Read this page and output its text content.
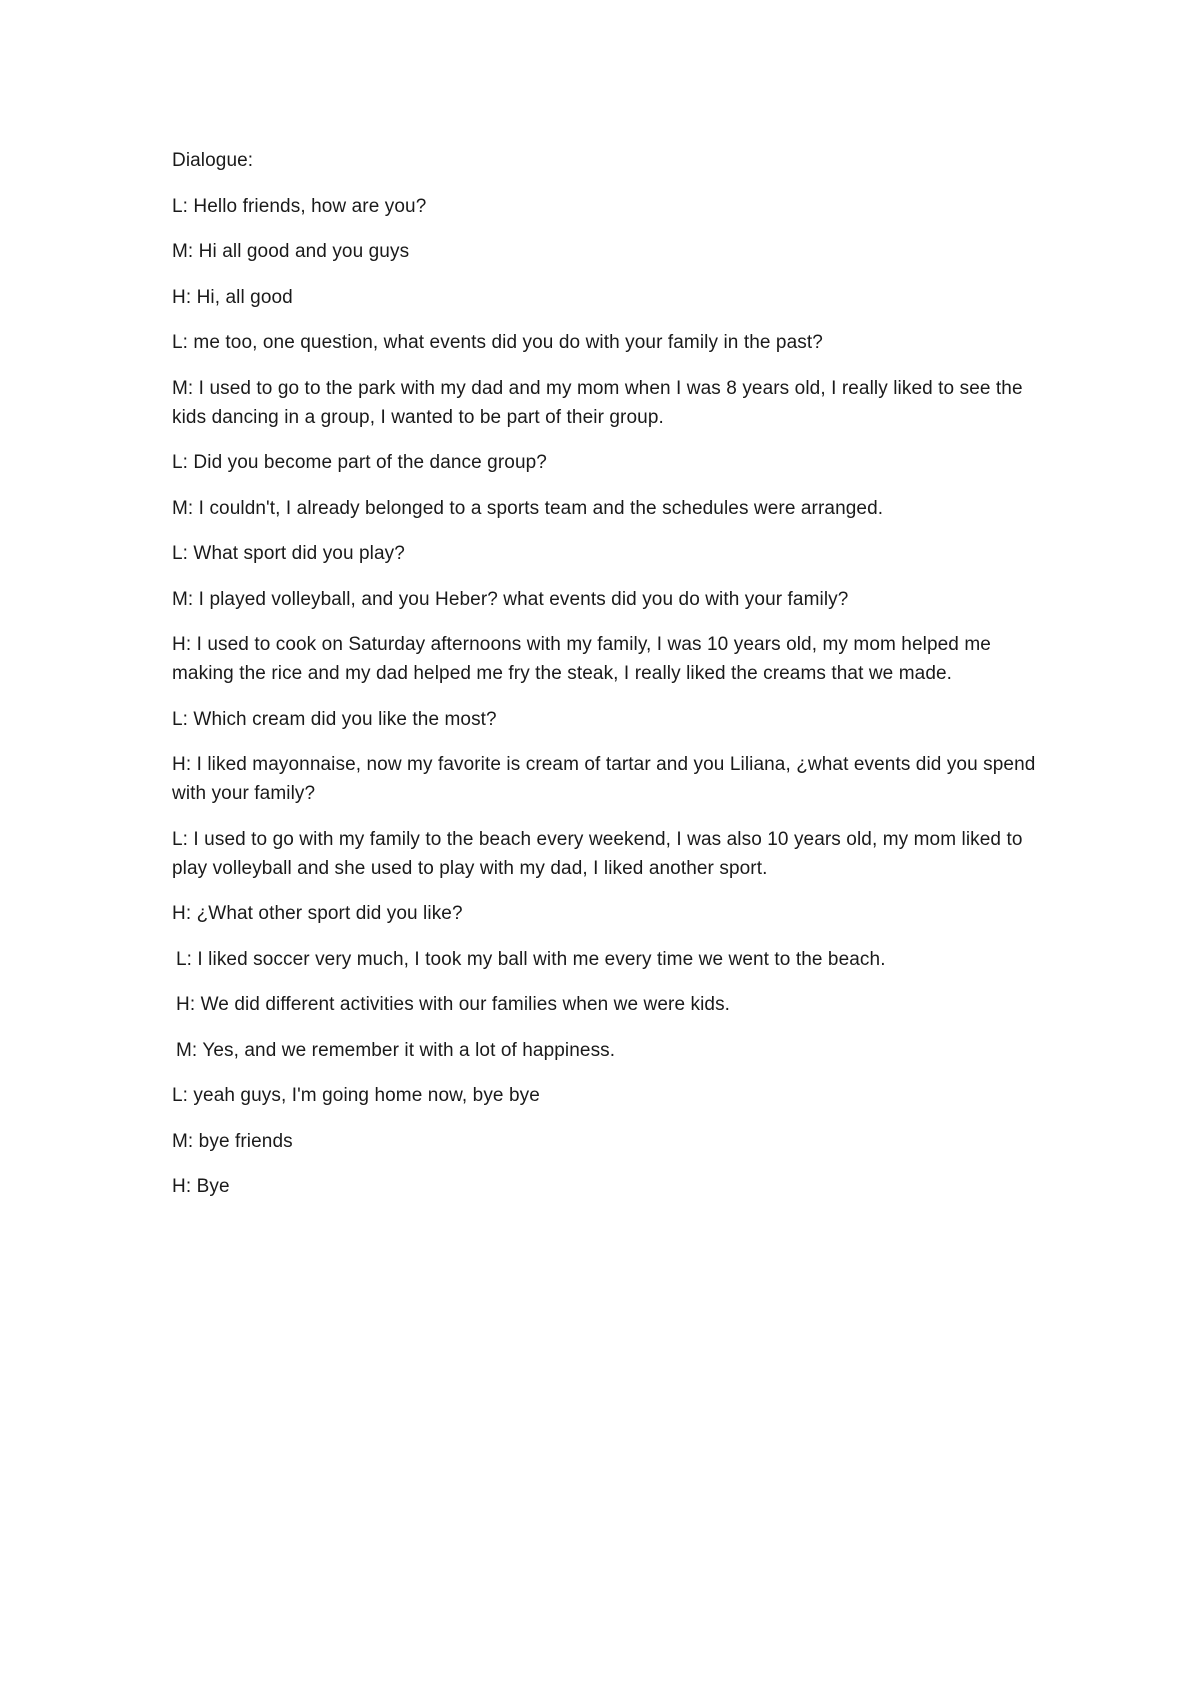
Dialogue:

L: Hello friends, how are you?

M: Hi all good and you guys

H: Hi, all good

L: me too, one question, what events did you do with your family in the past?

M: I used to go to the park with my dad and my mom when I was 8 years old, I really liked to see the kids dancing in a group, I wanted to be part of their group.

L: Did you become part of the dance group?

M: I couldn't, I already belonged to a sports team and the schedules were arranged.

L: What sport did you play?

M: I played volleyball, and you Heber? what events did you do with your family?

H: I used to cook on Saturday afternoons with my family, I was 10 years old, my mom helped me making the rice and my dad helped me fry the steak, I really liked the creams that we made.

L: Which cream did you like the most?

H: I liked mayonnaise, now my favorite is cream of tartar and you Liliana, ¿what events did you spend with your family?

L: I used to go with my family to the beach every weekend, I was also 10 years old, my mom liked to play volleyball and she used to play with my dad, I liked another sport.

H: ¿What other sport did you like?

L: I liked soccer very much, I took my ball with me every time we went to the beach.

H: We did different activities with our families when we were kids.

M: Yes, and we remember it with a lot of happiness.

L: yeah guys, I'm going home now, bye bye

M: bye friends

H: Bye
